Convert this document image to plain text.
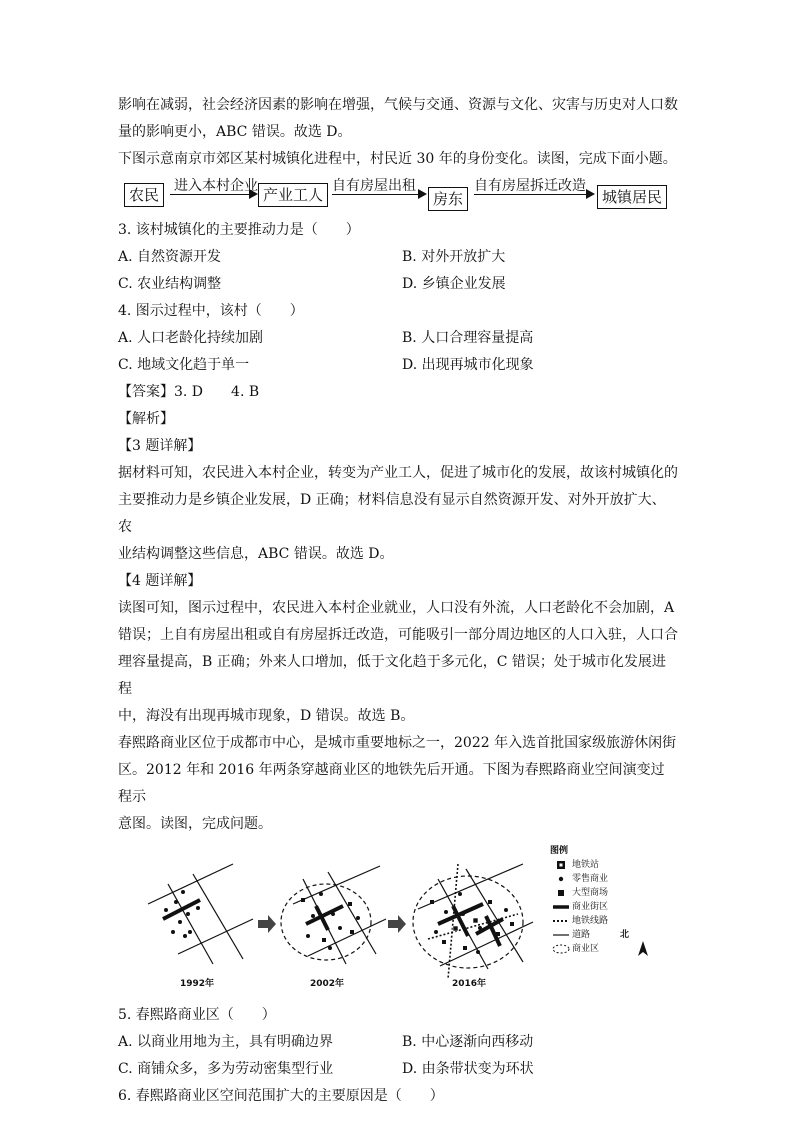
影响在减弱，社会经济因素的影响在增强，气候与交通、资源与文化、灾害与历史对人口数

量的影响更小，ABC 错误。故选 D。

下图示意南京市郊区某村城镇化进程中，村民近 30 年的身份变化。读图，完成下面小题。

农民	进入本村企业 产业工人 自有房屋出租
房东
自有房屋拆迁改造
城镇居民

3. 该村城镇化的主要推动力是（　　）

A. 自然资源开发	B. 对外开放扩大
C. 农业结构调整	D. 乡镇企业发展

4. 图示过程中，该村（　　）

A. 人口老龄化持续加剧	B. 人口合理容量提高
C. 地域文化趋于单一	D. 出现再城市化现象

【答案】3. D　　4. B

【解析】

【3 题详解】

据材料可知，农民进入本村企业，转变为产业工人，促进了城市化的发展，故该村城镇化的

主要推动力是乡镇企业发展，D 正确；材料信息没有显示自然资源开发、对外开放扩大、农

业结构调整这些信息，ABC 错误。故选 D。

【4 题详解】

读图可知，图示过程中，农民进入本村企业就业，人口没有外流，人口老龄化不会加剧，A

错误；上自有房屋出租或自有房屋拆迁改造，可能吸引一部分周边地区的人口入驻，人口合

理容量提高，B 正确；外来人口增加，低于文化趋于多元化，C 错误；处于城市化发展进程

中，海没有出现再城市现象，D 错误。故选 B。

春熙路商业区位于成都市中心，是城市重要地标之一，2022 年入选首批国家级旅游休闲街

区。2012 年和 2016 年两条穿越商业区的地铁先后开通。下图为春熙路商业空间演变过程示

意图。读图，完成问题。

1992年	2002年	2016年
图例
地铁站
零售商业
大型商场
商业街区
地铁线路
道路	北
商业区

5. 春熙路商业区（　　）

A. 以商业用地为主，具有明确边界	B. 中心逐渐向西移动
C. 商铺众多，多为劳动密集型行业	D. 由条带状变为环状

6. 春熙路商业区空间范围扩大的主要原因是（　　）
